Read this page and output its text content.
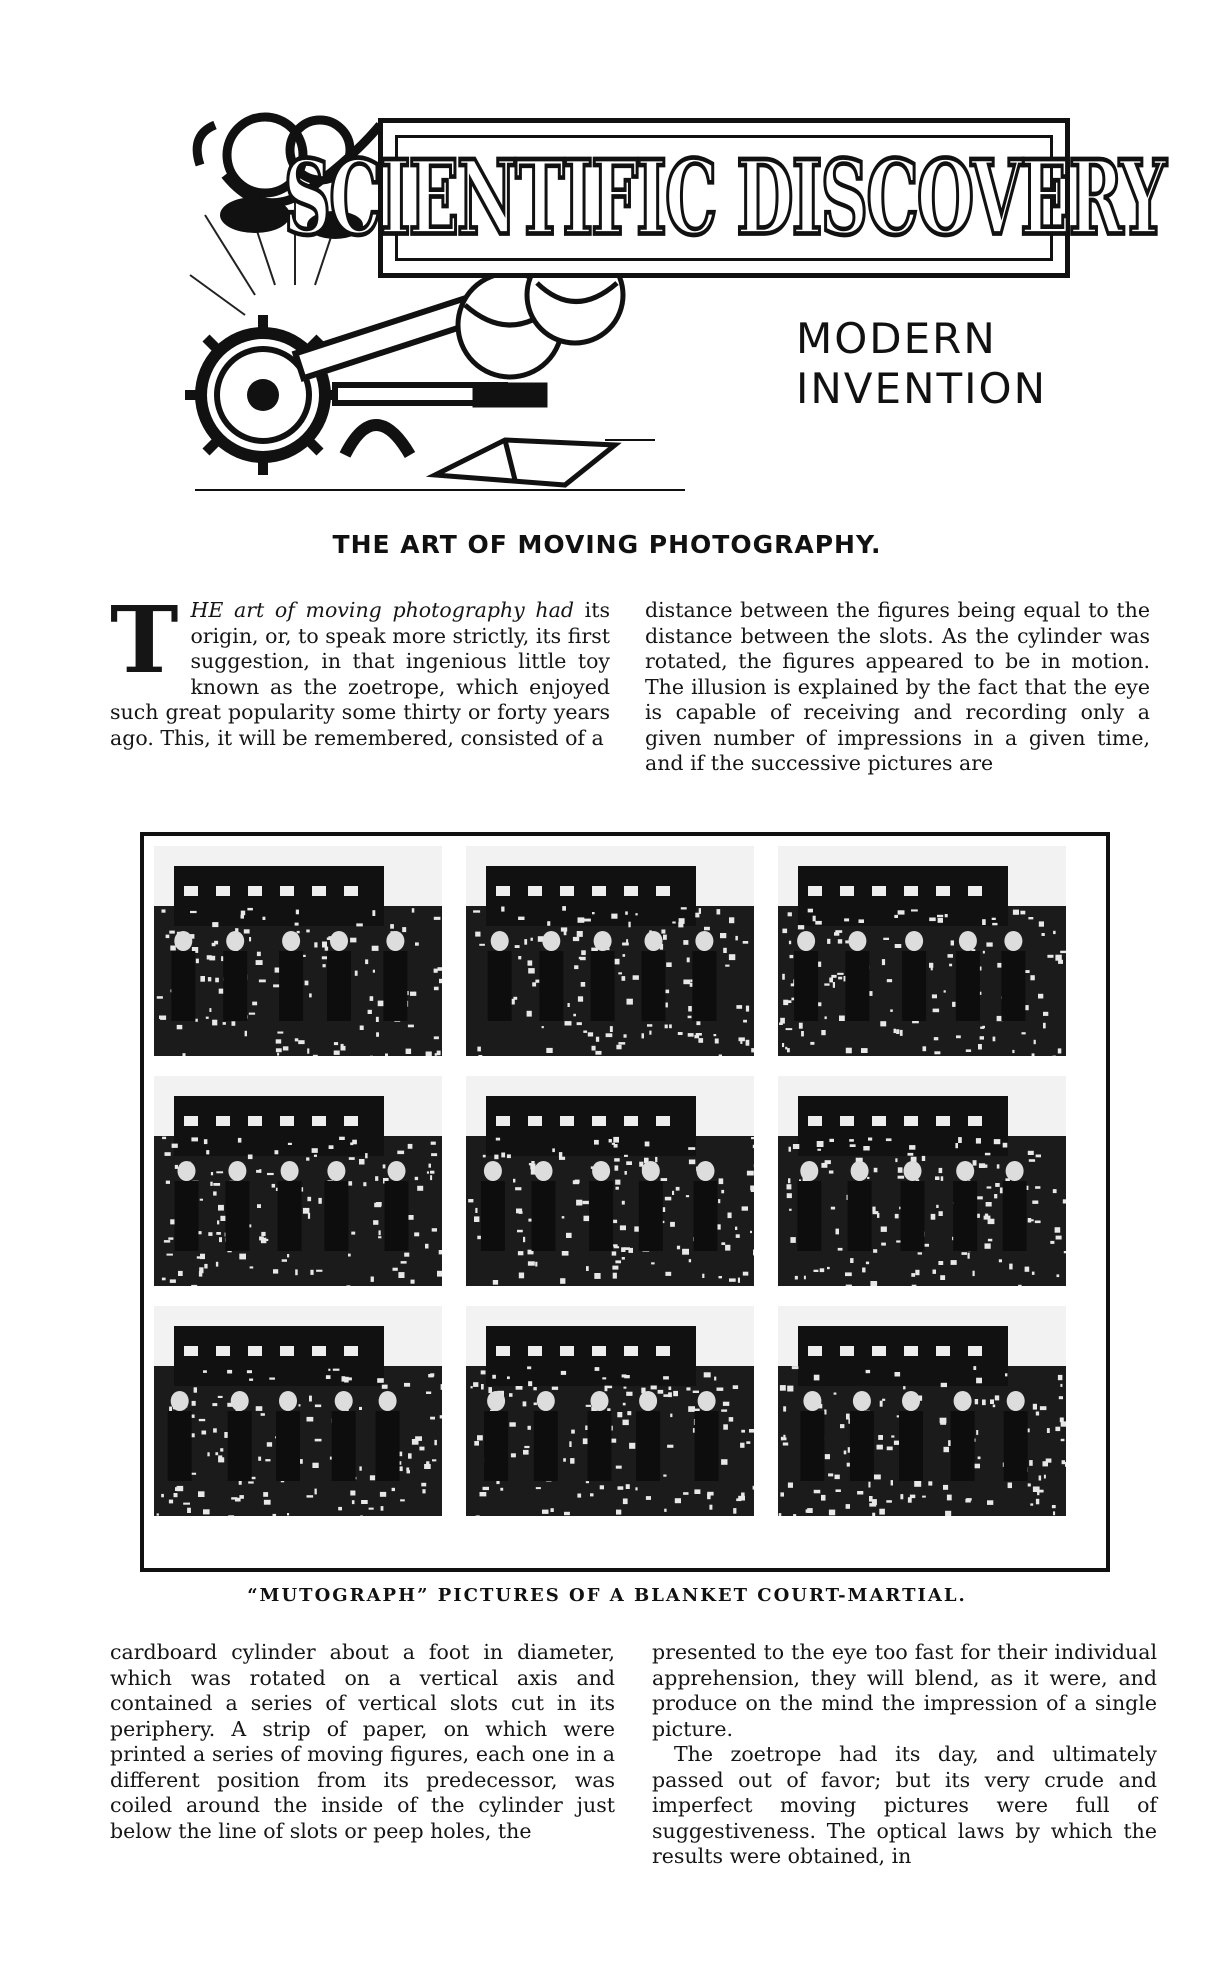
SCIENTIFIC DISCOVERY
MODERN
INVENTION
THE ART OF MOVING PHOTOGRAPHY.
T HE art of moving photography had its origin, or, to speak more strictly, its first suggestion, in that ingenious little toy known as the zoetrope, which enjoyed such great popularity some thirty or forty years ago. This, it will be remembered, consisted of a
distance between the figures being equal to the distance between the slots. As the cylinder was rotated, the figures appeared to be in motion. The illusion is explained by the fact that the eye is capable of receiving and recording only a given number of impressions in a given time, and if the successive pictures are
“MUTOGRAPH” PICTURES OF A BLANKET COURT-MARTIAL.
cardboard cylinder about a foot in diameter, which was rotated on a vertical axis and contained a series of vertical slots cut in its periphery. A strip of paper, on which were printed a series of moving figures, each one in a different position from its predecessor, was coiled around the inside of the cylinder just below the line of slots or peep holes, the

presented to the eye too fast for their individual apprehension, they will blend, as it were, and produce on the mind the impression of a single picture.

The zoetrope had its day, and ultimately passed out of favor; but its very crude and imperfect moving pictures were full of suggestiveness. The optical laws by which the results were obtained, in
